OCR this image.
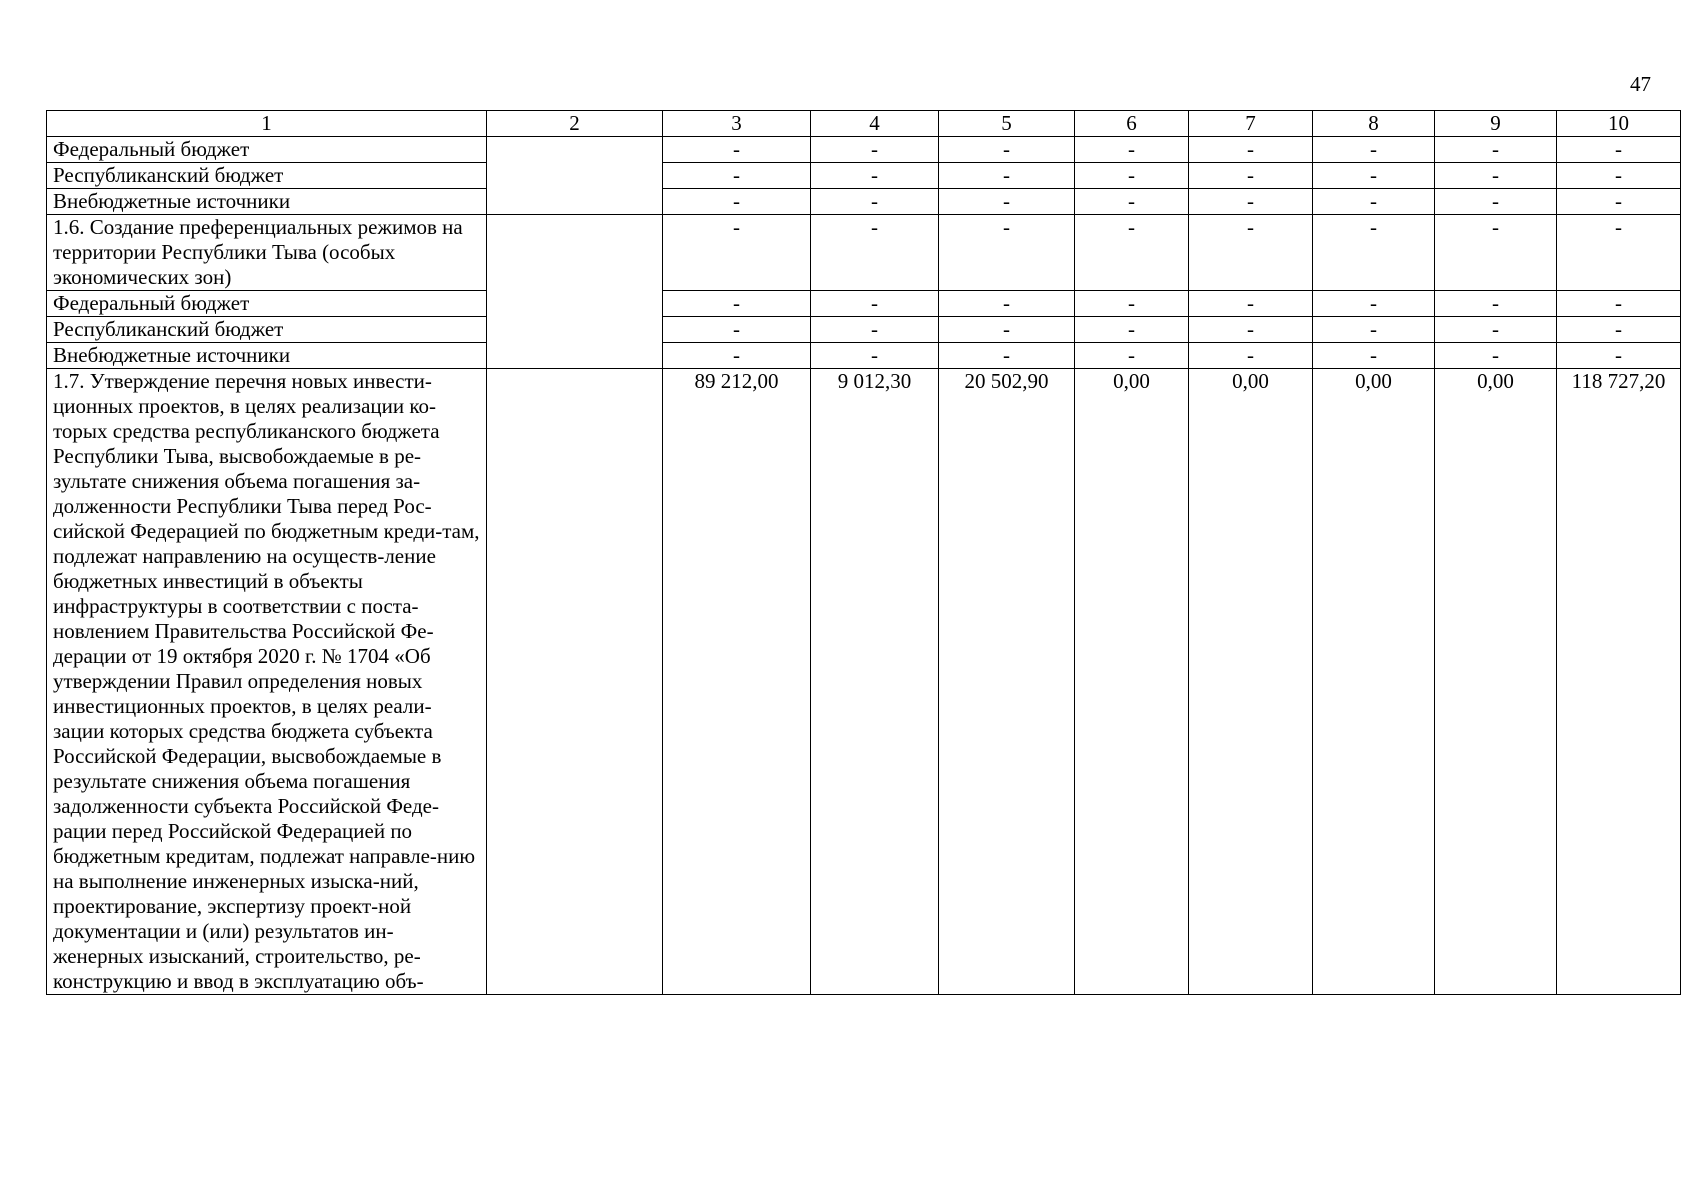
47
1	2	3	4	5	6	7	8	9	10
Федеральный бюджет		-	-	-	-	-	-	-	-
Республиканский бюджет		-	-	-	-	-	-	-	-
Внебюджетные источники		-	-	-	-	-	-	-	-
1.6. Создание преференциальных режимов на территории Республики Тыва (особых экономических зон)		-	-	-	-	-	-	-	-
Федеральный бюджет		-	-	-	-	-	-	-	-
Республиканский бюджет		-	-	-	-	-	-	-	-
Внебюджетные источники		-	-	-	-	-	-	-	-
1.7. Утверждение перечня новых инвести-ционных проектов, в целях реализации ко-торых средства республиканского бюджета Республики Тыва, высвобождаемые в ре-зультате снижения объема погашения за-долженности Республики Тыва перед Рос-сийской Федерацией по бюджетным креди-там, подлежат направлению на осуществ-ление бюджетных инвестиций в объекты инфраструктуры в соответствии с поста-новлением Правительства Российской Фе-дерации от 19 октября 2020 г. № 1704 «Об утверждении Правил определения новых инвестиционных проектов, в целях реали-зации которых средства бюджета субъекта Российской Федерации, высвобождаемые в результате снижения объема погашения задолженности субъекта Российской Феде-рации перед Российской Федерацией по бюджетным кредитам, подлежат направле-нию на выполнение инженерных изыска-ний, проектирование, экспертизу проект-ной документации и (или) результатов ин-женерных изысканий, строительство, ре-конструкцию и ввод в эксплуатацию объ-		89 212,00	9 012,30	20 502,90	0,00	0,00	0,00	0,00	118 727,20
